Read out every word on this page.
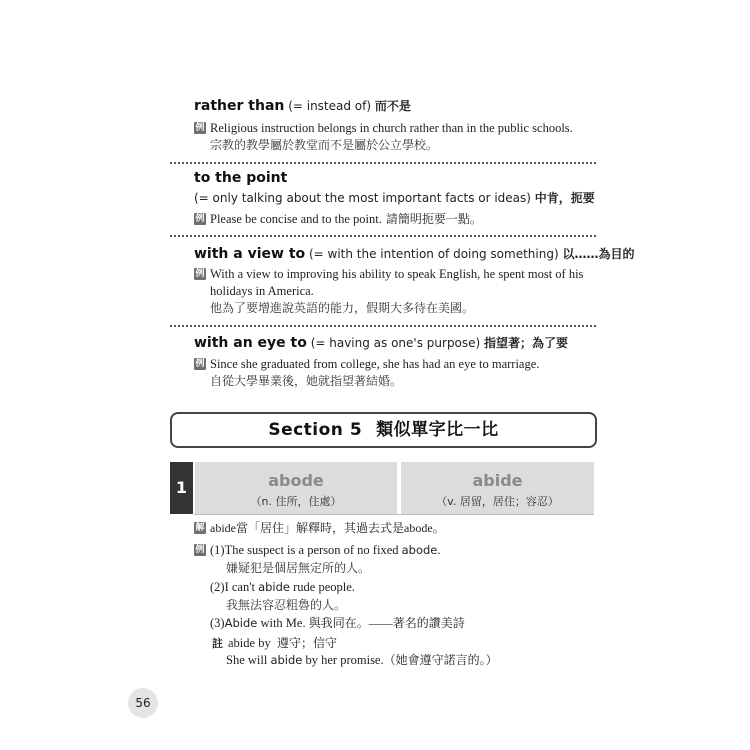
rather than (= instead of) 而不是
例 Religious instruction belongs in church rather than in the public schools.
宗教的教學屬於教堂而不是屬於公立學校。
to the point
(= only talking about the most important facts or ideas) 中肯，扼要
例 Please be concise and to the point. 請簡明扼要一點。
with a view to (= with the intention of doing something) 以……為目的
例 With a view to improving his ability to speak English, he spent most of his
holidays in America.
他為了要增進說英語的能力，假期大多待在美國。
with an eye to (= having as one's purpose) 指望著；為了要
例 Since she graduated from college, she has had an eye to marriage.
自從大學畢業後，她就指望著結婚。
Section 5 類似單字比一比
1	abode
（n. 住所，住處）
abide
（v. 居留，居住；容忍）
解 abide當「居住」解釋時，其過去式是abode。
例 (1)The suspect is a person of no fixed abode.
嫌疑犯是個居無定所的人。
(2)I can't abide rude people.
我無法容忍粗魯的人。
(3)Abide with Me. 與我同在。——著名的讚美詩
註 abide by 遵守；信守
She will abide by her promise.（她會遵守諾言的。）
56
